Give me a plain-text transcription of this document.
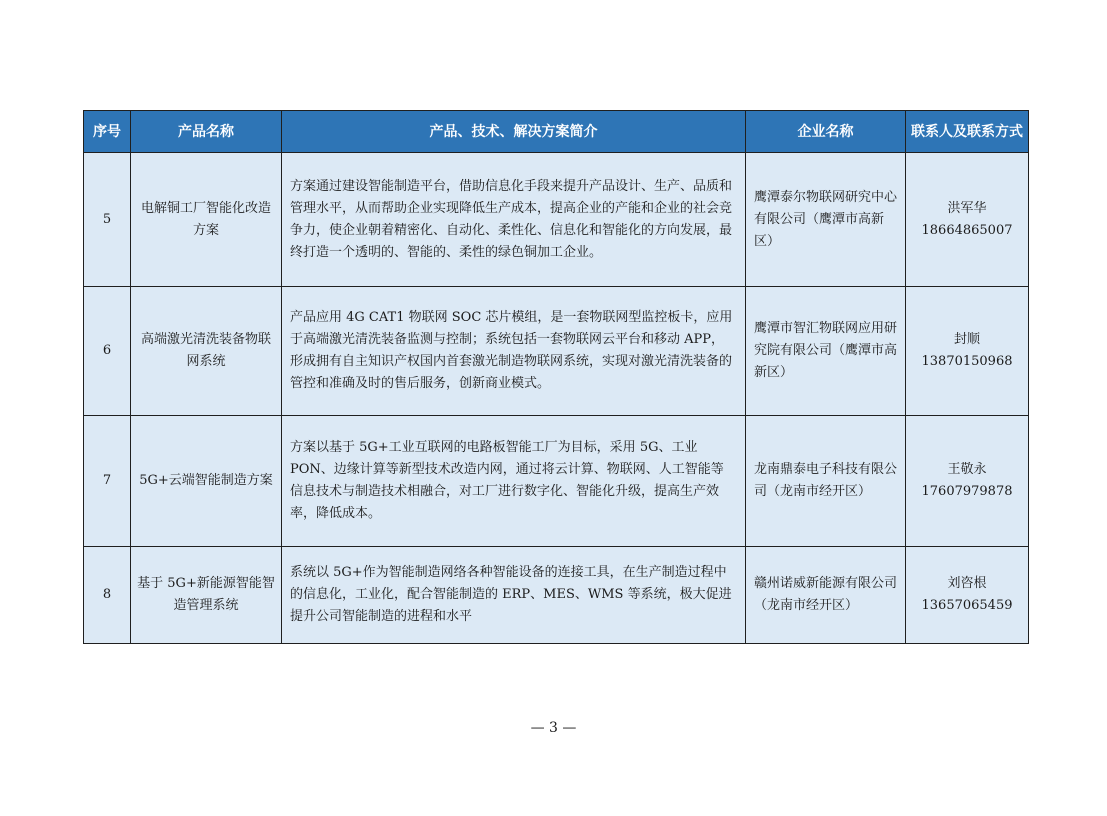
序号	产品名称	产品、技术、解决方案简介	企业名称	联系人及联系方式
5	电解铜工厂智能化改造方案	方案通过建设智能制造平台，借助信息化手段来提升产品设计、生产、品质和管理水平，从而帮助企业实现降低生产成本，提高企业的产能和企业的社会竞争力，使企业朝着精密化、自动化、柔性化、信息化和智能化的方向发展，最终打造一个透明的、智能的、柔性的绿色铜加工企业。	鹰潭泰尔物联网研究中心有限公司（鹰潭市高新区）	洪军华
18664865007

6	高端激光清洗装备物联网系统	产品应用 4G CAT1 物联网 SOC 芯片模组，是一套物联网型监控板卡，应用于高端激光清洗装备监测与控制；系统包括一套物联网云平台和移动 APP，形成拥有自主知识产权国内首套激光制造物联网系统，实现对激光清洗装备的管控和准确及时的售后服务，创新商业模式。	鹰潭市智汇物联网应用研究院有限公司（鹰潭市高新区）	封顺
13870150968

7	5G+云端智能制造方案	方案以基于 5G+工业互联网的电路板智能工厂为目标，采用 5G、工业 PON、边缘计算等新型技术改造内网，通过将云计算、物联网、人工智能等信息技术与制造技术相融合，对工厂进行数字化、智能化升级，提高生产效率，降低成本。	龙南鼎泰电子科技有限公司（龙南市经开区）	王敬永
17607979878

8	基于 5G+新能源智能智造管理系统	系统以 5G+作为智能制造网络各种智能设备的连接工具，在生产制造过程中的信息化，工业化，配合智能制造的 ERP、MES、WMS 等系统，极大促进提升公司智能制造的进程和水平	赣州诺威新能源有限公司（龙南市经开区）	刘咨根
13657065459
— 3 —
